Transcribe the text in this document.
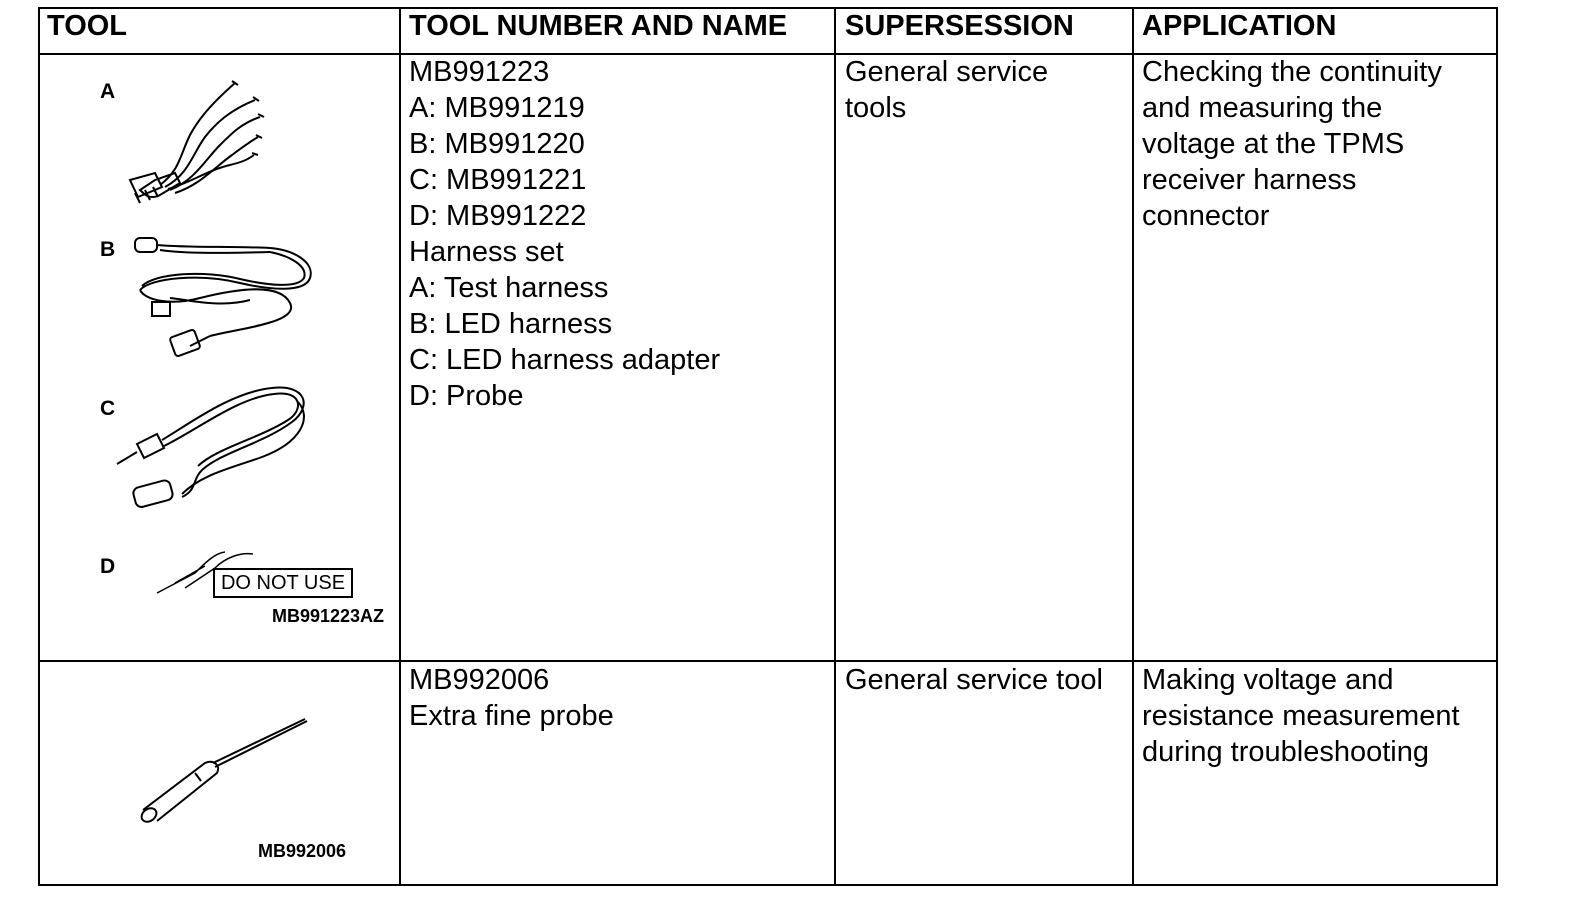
TOOL	TOOL NUMBER AND NAME SUPERSESSION APPLICATION
A
B
C
D
DO NOT USE
MB991223AZ
MB991223
A: MB991219
B: MB991220
C: MB991221
D: MB991222
Harness set
A: Test harness
B: LED harness
C: LED harness adapter
D: Probe
General service
tools
Checking the continuity
and measuring the
voltage at the TPMS
receiver harness
connector
MB992006
MB992006
Extra fine probe
General service tool Making voltage and
resistance measurement
during troubleshooting
